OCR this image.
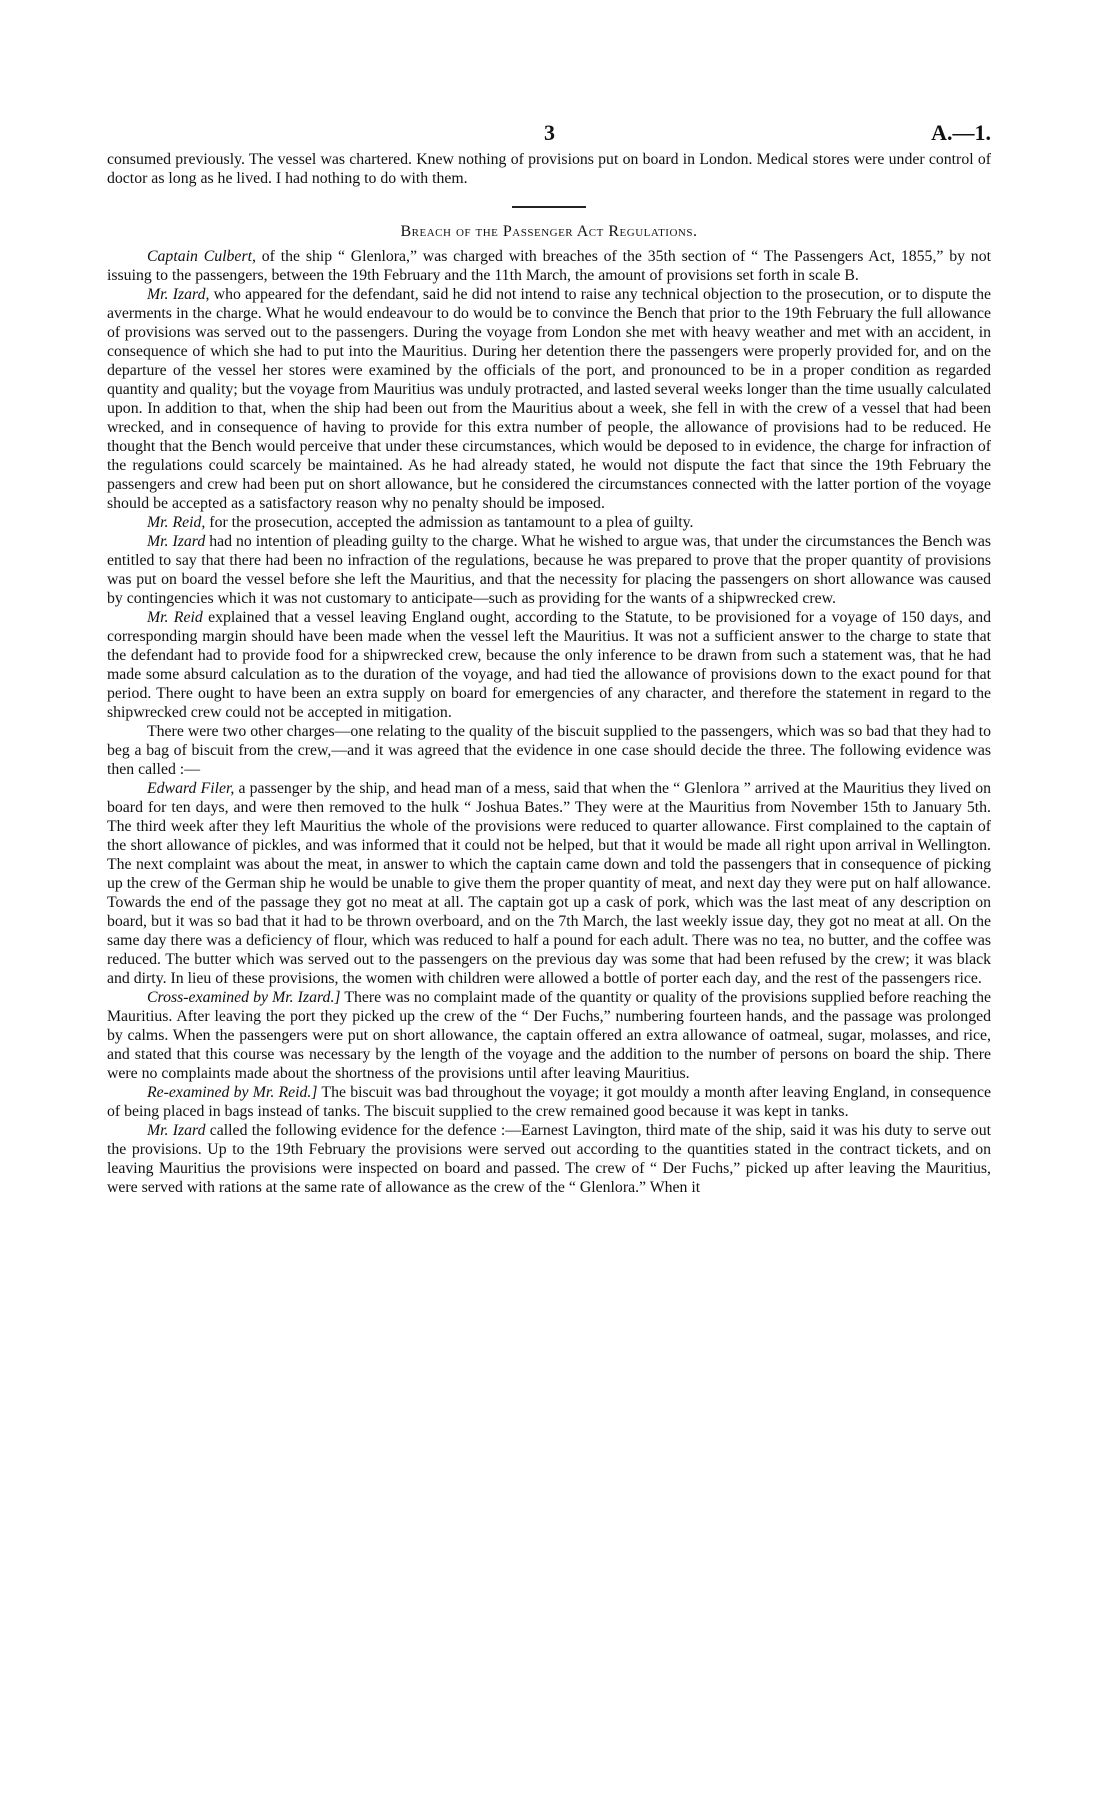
3	A.—1.

consumed previously. The vessel was chartered. Knew nothing of provisions put on board in London. Medical stores were under control of doctor as long as he lived. I had nothing to do with them.

Breach of the Passenger Act Regulations.

Captain Culbert, of the ship “ Glenlora,” was charged with breaches of the 35th section of “ The Passengers Act, 1855,” by not issuing to the passengers, between the 19th February and the 11th March, the amount of provisions set forth in scale B.

Mr. Izard, who appeared for the defendant, said he did not intend to raise any technical objection to the prosecution, or to dispute the averments in the charge. What he would endeavour to do would be to convince the Bench that prior to the 19th February the full allowance of provisions was served out to the passengers. During the voyage from London she met with heavy weather and met with an accident, in consequence of which she had to put into the Mauritius. During her detention there the passengers were properly provided for, and on the departure of the vessel her stores were examined by the officials of the port, and pronounced to be in a proper condition as regarded quantity and quality; but the voyage from Mauritius was unduly protracted, and lasted several weeks longer than the time usually calculated upon. In addition to that, when the ship had been out from the Mauritius about a week, she fell in with the crew of a vessel that had been wrecked, and in consequence of having to provide for this extra number of people, the allowance of provisions had to be reduced. He thought that the Bench would perceive that under these circumstances, which would be deposed to in evidence, the charge for infraction of the regulations could scarcely be maintained. As he had already stated, he would not dispute the fact that since the 19th February the passengers and crew had been put on short allowance, but he considered the circumstances connected with the latter portion of the voyage should be accepted as a satisfactory reason why no penalty should be imposed.

Mr. Reid, for the prosecution, accepted the admission as tantamount to a plea of guilty.

Mr. Izard had no intention of pleading guilty to the charge. What he wished to argue was, that under the circumstances the Bench was entitled to say that there had been no infraction of the regulations, because he was prepared to prove that the proper quantity of provisions was put on board the vessel before she left the Mauritius, and that the necessity for placing the passengers on short allowance was caused by contingencies which it was not customary to anticipate—such as providing for the wants of a shipwrecked crew.

Mr. Reid explained that a vessel leaving England ought, according to the Statute, to be provisioned for a voyage of 150 days, and corresponding margin should have been made when the vessel left the Mauritius. It was not a sufficient answer to the charge to state that the defendant had to provide food for a shipwrecked crew, because the only inference to be drawn from such a statement was, that he had made some absurd calculation as to the duration of the voyage, and had tied the allowance of provisions down to the exact pound for that period. There ought to have been an extra supply on board for emergencies of any character, and therefore the statement in regard to the shipwrecked crew could not be accepted in mitigation.

There were two other charges—one relating to the quality of the biscuit supplied to the passengers, which was so bad that they had to beg a bag of biscuit from the crew,—and it was agreed that the evidence in one case should decide the three. The following evidence was then called :—

Edward Filer, a passenger by the ship, and head man of a mess, said that when the “ Glenlora ” arrived at the Mauritius they lived on board for ten days, and were then removed to the hulk “ Joshua Bates.” They were at the Mauritius from November 15th to January 5th. The third week after they left Mauritius the whole of the provisions were reduced to quarter allowance. First complained to the captain of the short allowance of pickles, and was informed that it could not be helped, but that it would be made all right upon arrival in Wellington. The next complaint was about the meat, in answer to which the captain came down and told the passengers that in consequence of picking up the crew of the German ship he would be unable to give them the proper quantity of meat, and next day they were put on half allowance. Towards the end of the passage they got no meat at all. The captain got up a cask of pork, which was the last meat of any description on board, but it was so bad that it had to be thrown overboard, and on the 7th March, the last weekly issue day, they got no meat at all. On the same day there was a deficiency of flour, which was reduced to half a pound for each adult. There was no tea, no butter, and the coffee was reduced. The butter which was served out to the passengers on the previous day was some that had been refused by the crew; it was black and dirty. In lieu of these provisions, the women with children were allowed a bottle of porter each day, and the rest of the passengers rice.

Cross-examined by Mr. Izard.] There was no complaint made of the quantity or quality of the provisions supplied before reaching the Mauritius. After leaving the port they picked up the crew of the “ Der Fuchs,” numbering fourteen hands, and the passage was prolonged by calms. When the passengers were put on short allowance, the captain offered an extra allowance of oatmeal, sugar, molasses, and rice, and stated that this course was necessary by the length of the voyage and the addition to the number of persons on board the ship. There were no complaints made about the shortness of the provisions until after leaving Mauritius.

Re-examined by Mr. Reid.] The biscuit was bad throughout the voyage; it got mouldy a month after leaving England, in consequence of being placed in bags instead of tanks. The biscuit supplied to the crew remained good because it was kept in tanks.

Mr. Izard called the following evidence for the defence :—Earnest Lavington, third mate of the ship, said it was his duty to serve out the provisions. Up to the 19th February the provisions were served out according to the quantities stated in the contract tickets, and on leaving Mauritius the provisions were inspected on board and passed. The crew of “ Der Fuchs,” picked up after leaving the Mauritius, were served with rations at the same rate of allowance as the crew of the “ Glenlora.” When it
